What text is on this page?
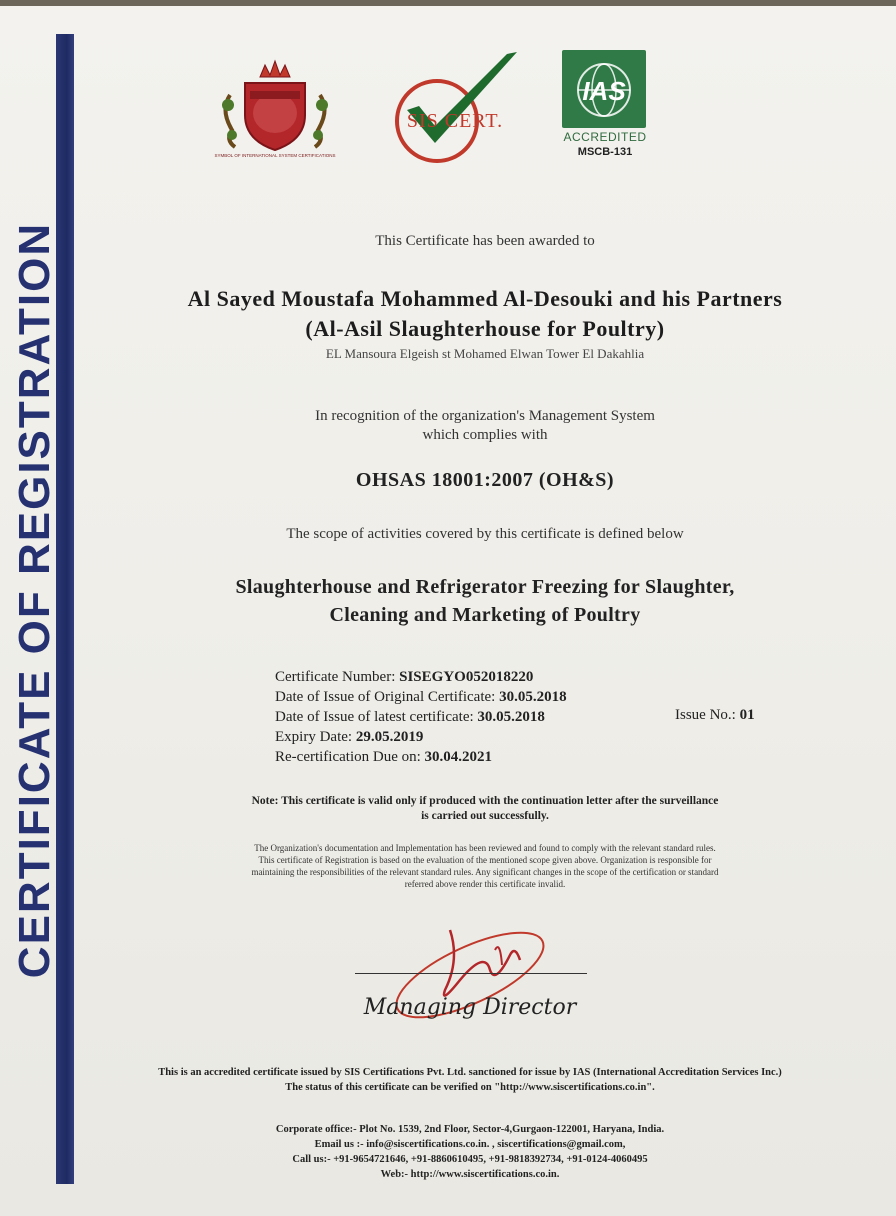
CERTIFICATE OF REGISTRATION
SYMBOL OF INTERNATIONAL SYSTEM CERTIFICATIONS
SIS CERT.
IAS
ACCREDITED
MSCB-131
This Certificate has been awarded to
Al Sayed Moustafa Mohammed Al-Desouki and his Partners
(Al-Asil Slaughterhouse for Poultry)
EL Mansoura Elgeish st Mohamed Elwan Tower El Dakahlia
In recognition of the organization's Management System
which complies with
OHSAS 18001:2007 (OH&S)
The scope of activities covered by this certificate is defined below
Slaughterhouse and Refrigerator Freezing for Slaughter,
Cleaning and Marketing of Poultry
Certificate Number: SISEGYO052018220
Date of Issue of Original Certificate: 30.05.2018
Date of Issue of latest certificate: 30.05.2018
Expiry Date: 29.05.2019
Re-certification Due on: 30.04.2021
Issue No.: 01
Note: This certificate is valid only if produced with the continuation letter after the surveillance
is carried out successfully.
The Organization's documentation and Implementation has been reviewed and found to comply with the relevant standard rules.
This certificate of Registration is based on the evaluation of the mentioned scope given above. Organization is responsible for
maintaining the responsibilities of the relevant standard rules. Any significant changes in the scope of the certification or standard
referred above render this certificate invalid.
Managing Director
This is an accredited certificate issued by SIS Certifications Pvt. Ltd. sanctioned for issue by IAS (International Accreditation Services Inc.)
The status of this certificate can be verified on "http://www.siscertifications.co.in".
Corporate office:- Plot No. 1539, 2nd Floor, Sector-4,Gurgaon-122001, Haryana, India.
Email us :- info@siscertifications.co.in. , siscertifications@gmail.com,
Call us:- +91-9654721646, +91-8860610495, +91-9818392734, +91-0124-4060495
Web:- http://www.siscertifications.co.in.
